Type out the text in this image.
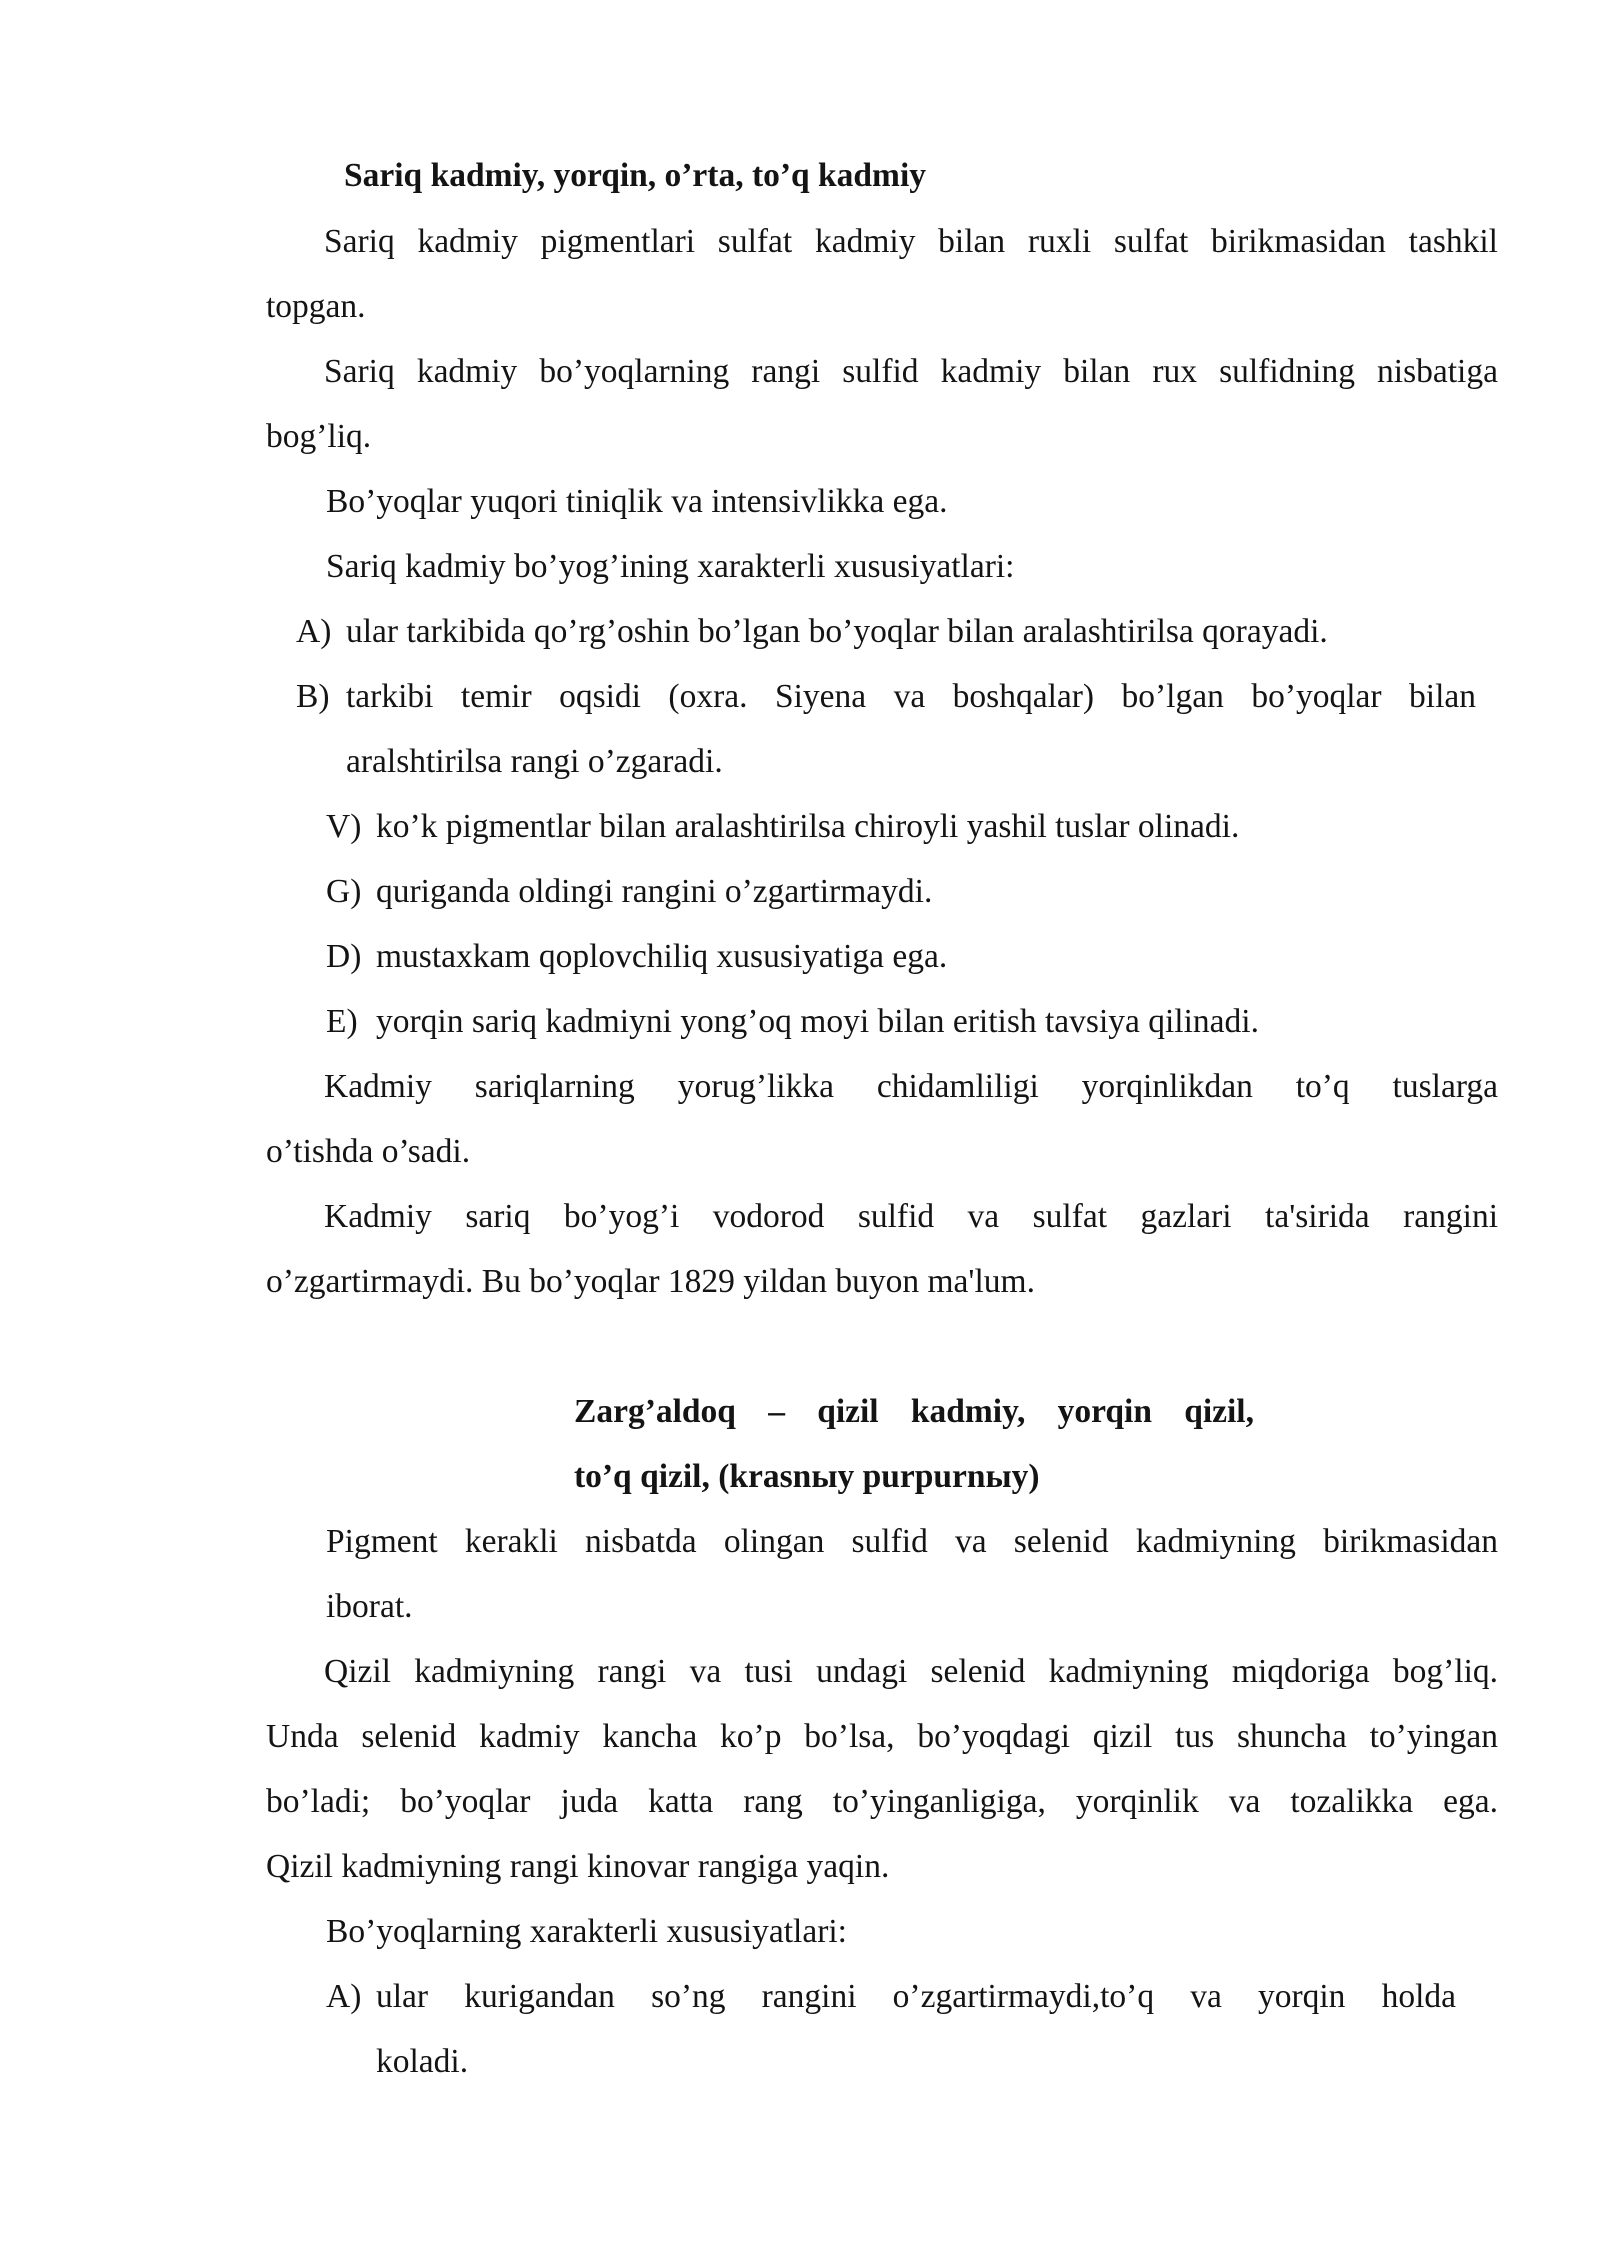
Sariq kadmiy, yorqin, o’rta, to’q kadmiy
Sariq kadmiy pigmentlari sulfat kadmiy bilan ruxli sulfat birikmasidan tashkil
topgan.
Sariq kadmiy bo’yoqlarning rangi sulfid kadmiy bilan rux sulfidning nisbatiga
bog’liq.
Bo’yoqlar yuqori tiniqlik va intensivlikka ega.
Sariq kadmiy bo’yog’ining xarakterli xususiyatlari:
A) ular tarkibida qo’rg’oshin bo’lgan bo’yoqlar bilan aralashtirilsa qorayadi.
B) tarkibi temir oqsidi (oxra. Siyena va boshqalar) bo’lgan bo’yoqlar bilan
aralshtirilsa rangi o’zgaradi.
V) ko’k pigmentlar bilan aralashtirilsa chiroyli yashil tuslar olinadi.
G) quriganda oldingi rangini o’zgartirmaydi.
D) mustaxkam qoplovchiliq xususiyatiga ega.
E) yorqin sariq kadmiyni yong’oq moyi bilan eritish tavsiya qilinadi.
Kadmiy sariqlarning yorug’likka chidamliligi yorqinlikdan to’q tuslarga
o’tishda o’sadi.
Kadmiy sariq bo’yog’i vodorod sulfid va sulfat gazlari ta'sirida rangini
o’zgartirmaydi. Bu bo’yoqlar 1829 yildan buyon ma'lum.
Zarg’aldoq – qizil kadmiy, yorqin qizil,
to’q qizil, (krasnыy purpurnыy)
Pigment kerakli nisbatda olingan sulfid va selenid kadmiyning birikmasidan
iborat.
Qizil kadmiyning rangi va tusi undagi selenid kadmiyning miqdoriga bog’liq.
Unda selenid kadmiy kancha ko’p bo’lsa, bo’yoqdagi qizil tus shuncha to’yingan
bo’ladi; bo’yoqlar juda katta rang to’yinganligiga, yorqinlik va tozalikka ega.
Qizil kadmiyning rangi kinovar rangiga yaqin.
Bo’yoqlarning xarakterli xususiyatlari:
A) ular kurigandan so’ng rangini o’zgartirmaydi,to’q va yorqin holda
koladi.
